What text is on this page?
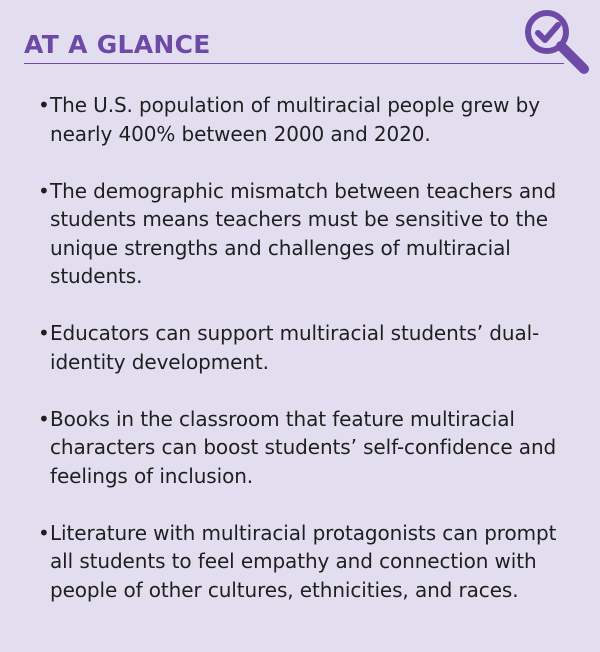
AT A GLANCE
• The U.S. population of multiracial people grew by nearly 400% between 2000 and 2020.
• The demographic mismatch between teachers and students means teachers must be sensitive to the unique strengths and challenges of multiracial students.
• Educators can support multiracial students’ dual-identity development.
• Books in the classroom that feature multiracial characters can boost students’ self-confidence and feelings of inclusion.
• Literature with multiracial protagonists can prompt all students to feel empathy and connection with people of other cultures, ethnicities, and races.
